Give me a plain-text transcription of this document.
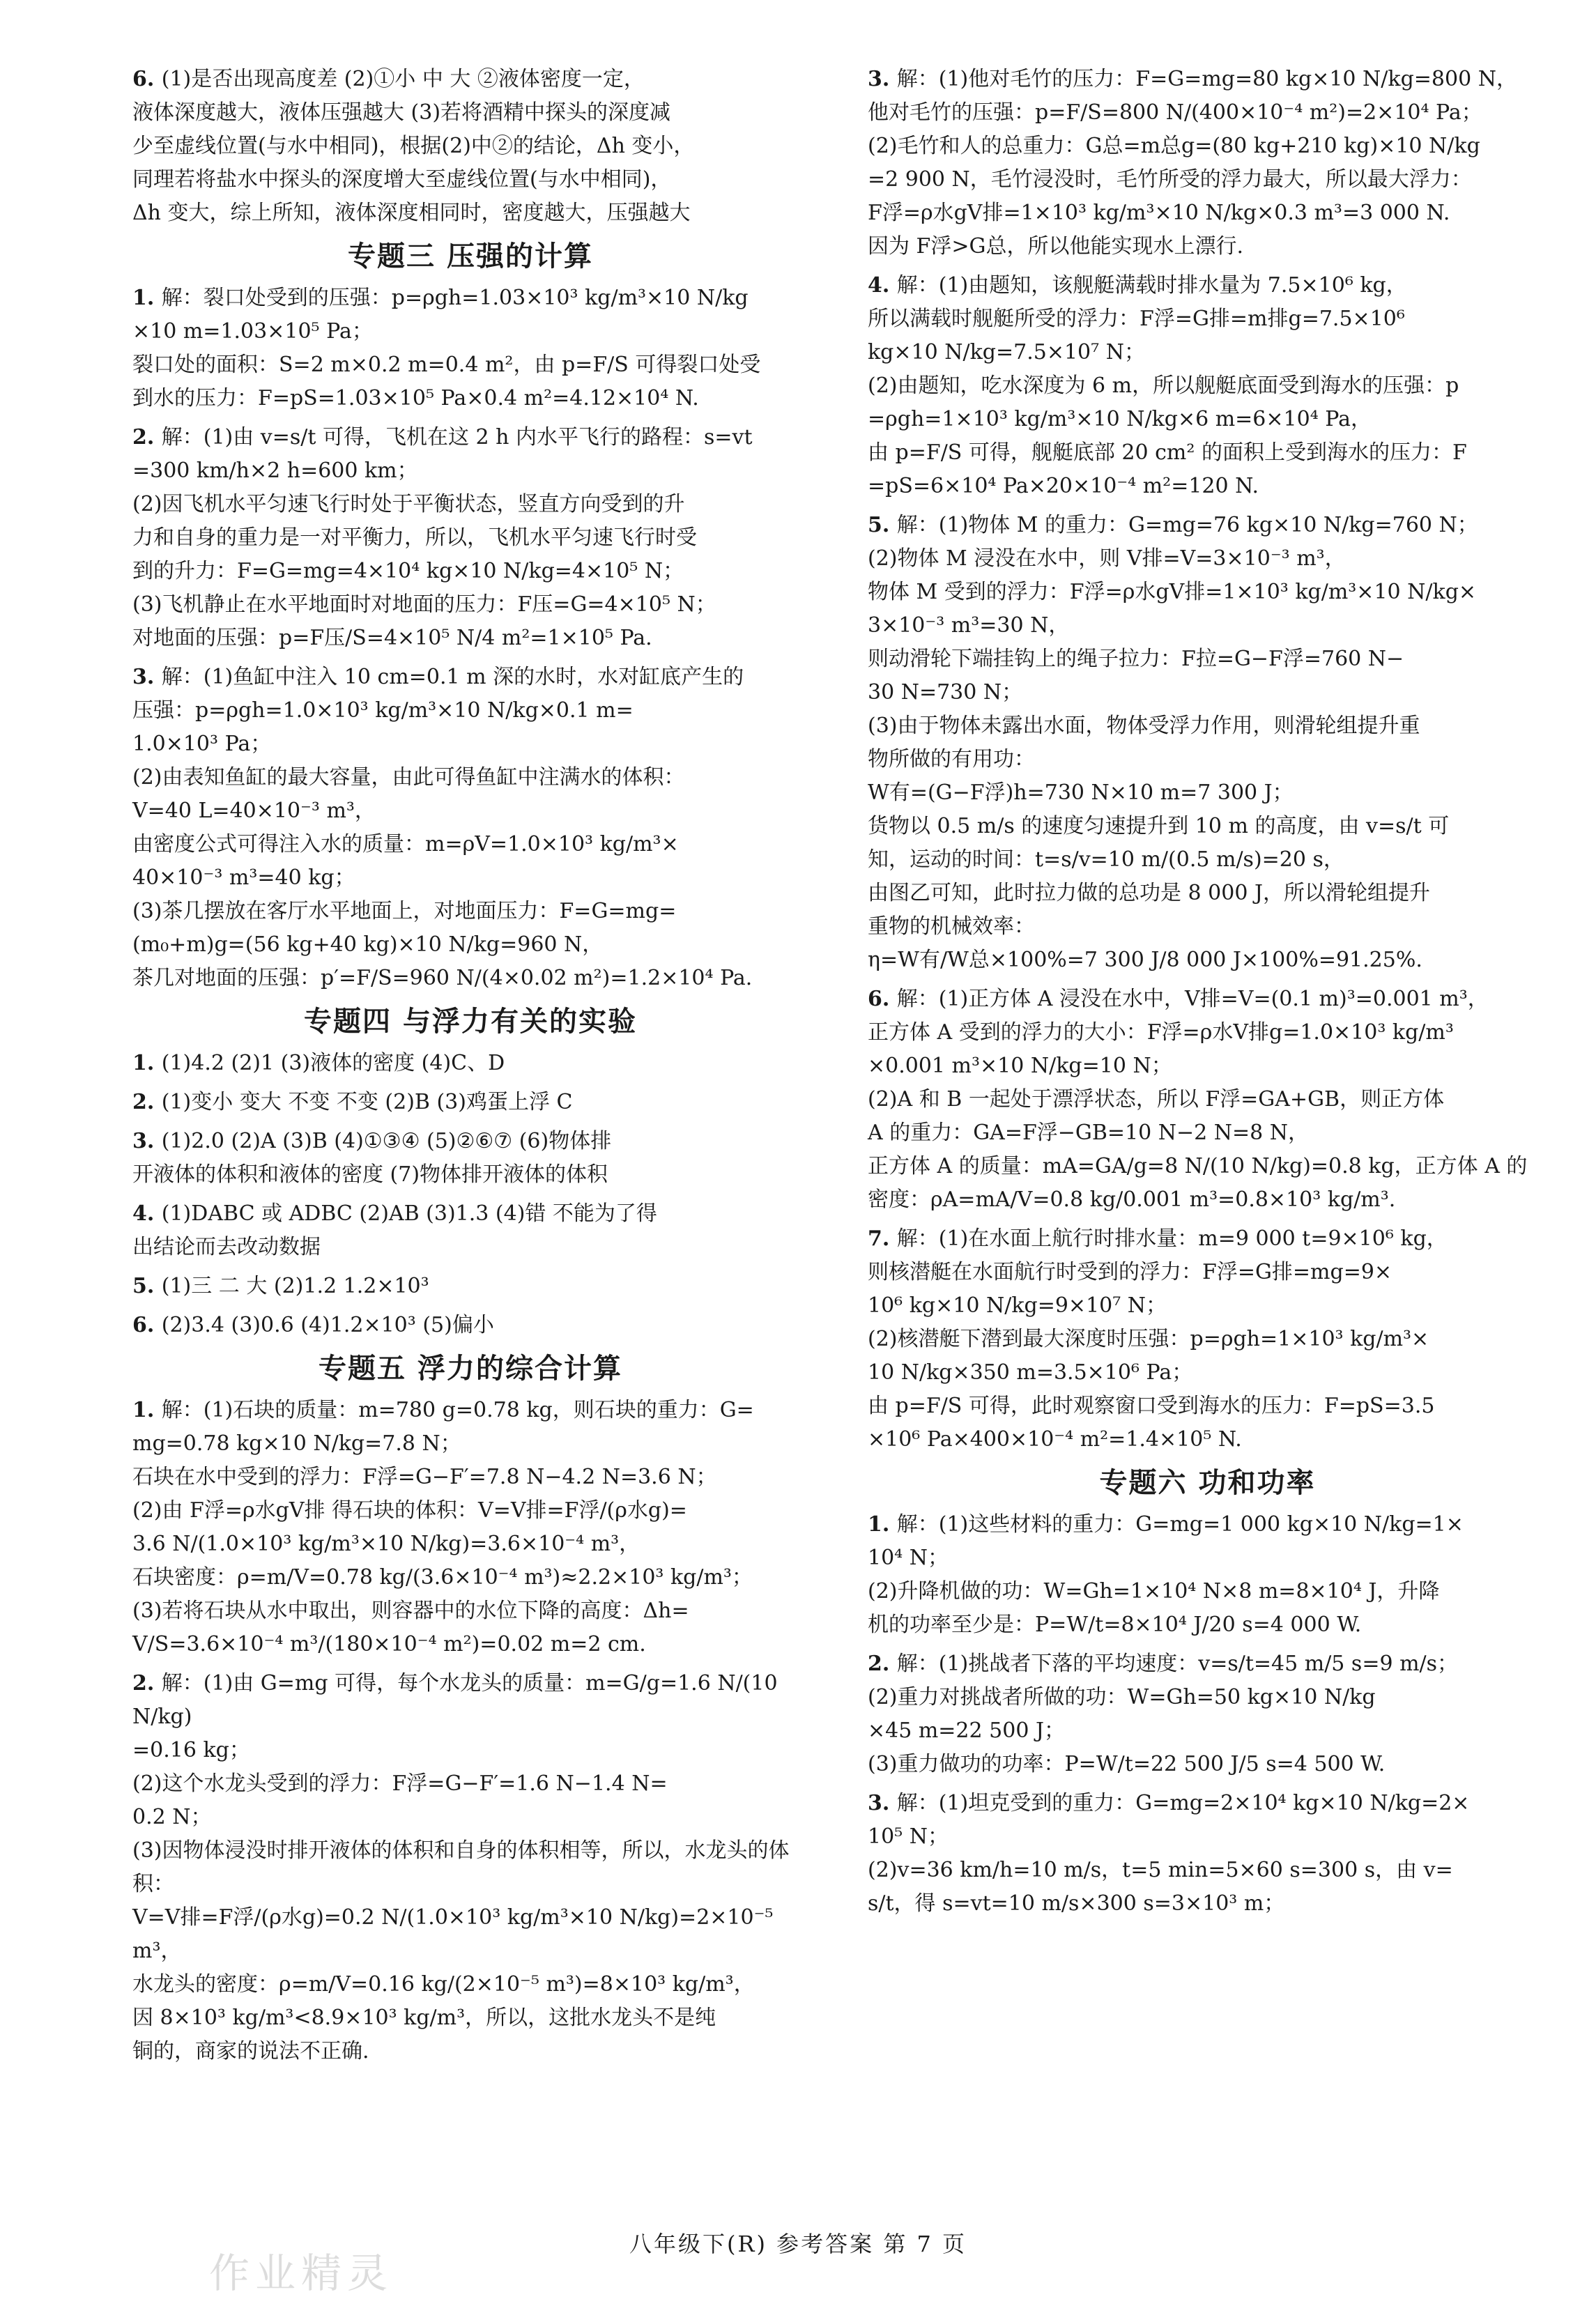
6. (1)是否出现高度差 (2)①小 中 大 ②液体密度一定，

液体深度越大，液体压强越大 (3)若将酒精中探头的深度减

少至虚线位置(与水中相同)，根据(2)中②的结论，Δh 变小，

同理若将盐水中探头的深度增大至虚线位置(与水中相同)，

Δh 变大，综上所知，液体深度相同时，密度越大，压强越大

专题三 压强的计算

1. 解：裂口处受到的压强：p=ρgh=1.03×10³ kg/m³×10 N/kg

×10 m=1.03×10⁵ Pa；

裂口处的面积：S=2 m×0.2 m=0.4 m²，由 p=F/S 可得裂口处受

到水的压力：F=pS=1.03×10⁵ Pa×0.4 m²=4.12×10⁴ N.

2. 解：(1)由 v=s/t 可得，飞机在这 2 h 内水平飞行的路程：s=vt

=300 km/h×2 h=600 km；

(2)因飞机水平匀速飞行时处于平衡状态，竖直方向受到的升

力和自身的重力是一对平衡力，所以，飞机水平匀速飞行时受

到的升力：F=G=mg=4×10⁴ kg×10 N/kg=4×10⁵ N；

(3)飞机静止在水平地面时对地面的压力：F压=G=4×10⁵ N；

对地面的压强：p=F压/S=4×10⁵ N/4 m²=1×10⁵ Pa.

3. 解：(1)鱼缸中注入 10 cm=0.1 m 深的水时，水对缸底产生的

压强：p=ρgh=1.0×10³ kg/m³×10 N/kg×0.1 m=

1.0×10³ Pa；

(2)由表知鱼缸的最大容量，由此可得鱼缸中注满水的体积：

V=40 L=40×10⁻³ m³，

由密度公式可得注入水的质量：m=ρV=1.0×10³ kg/m³×

40×10⁻³ m³=40 kg；

(3)茶几摆放在客厅水平地面上，对地面压力：F=G=mg=

(m₀+m)g=(56 kg+40 kg)×10 N/kg=960 N，

茶几对地面的压强：p′=F/S=960 N/(4×0.02 m²)=1.2×10⁴ Pa.

专题四 与浮力有关的实验

1. (1)4.2 (2)1 (3)液体的密度 (4)C、D

2. (1)变小 变大 不变 不变 (2)B (3)鸡蛋上浮 C

3. (1)2.0 (2)A (3)B (4)①③④ (5)②⑥⑦ (6)物体排

开液体的体积和液体的密度 (7)物体排开液体的体积

4. (1)DABC 或 ADBC (2)AB (3)1.3 (4)错 不能为了得

出结论而去改动数据

5. (1)三 二 大 (2)1.2 1.2×10³

6. (2)3.4 (3)0.6 (4)1.2×10³ (5)偏小

专题五 浮力的综合计算

1. 解：(1)石块的质量：m=780 g=0.78 kg，则石块的重力：G=

mg=0.78 kg×10 N/kg=7.8 N；

石块在水中受到的浮力：F浮=G−F′=7.8 N−4.2 N=3.6 N；

(2)由 F浮=ρ水gV排 得石块的体积：V=V排=F浮/(ρ水g)=

3.6 N/(1.0×10³ kg/m³×10 N/kg)=3.6×10⁻⁴ m³，

石块密度：ρ=m/V=0.78 kg/(3.6×10⁻⁴ m³)≈2.2×10³ kg/m³；

(3)若将石块从水中取出，则容器中的水位下降的高度：Δh=

V/S=3.6×10⁻⁴ m³/(180×10⁻⁴ m²)=0.02 m=2 cm.

2. 解：(1)由 G=mg 可得，每个水龙头的质量：m=G/g=1.6 N/(10 N/kg)

=0.16 kg；

(2)这个水龙头受到的浮力：F浮=G−F′=1.6 N−1.4 N=

0.2 N；

(3)因物体浸没时排开液体的体积和自身的体积相等，所以，水龙头的体积：

V=V排=F浮/(ρ水g)=0.2 N/(1.0×10³ kg/m³×10 N/kg)=2×10⁻⁵ m³，

水龙头的密度：ρ=m/V=0.16 kg/(2×10⁻⁵ m³)=8×10³ kg/m³，

因 8×10³ kg/m³<8.9×10³ kg/m³，所以，这批水龙头不是纯

铜的，商家的说法不正确.

3. 解：(1)他对毛竹的压力：F=G=mg=80 kg×10 N/kg=800 N，

他对毛竹的压强：p=F/S=800 N/(400×10⁻⁴ m²)=2×10⁴ Pa；

(2)毛竹和人的总重力：G总=m总g=(80 kg+210 kg)×10 N/kg

=2 900 N，毛竹浸没时，毛竹所受的浮力最大，所以最大浮力：

F浮=ρ水gV排=1×10³ kg/m³×10 N/kg×0.3 m³=3 000 N.

因为 F浮>G总，所以他能实现水上漂行.

4. 解：(1)由题知，该舰艇满载时排水量为 7.5×10⁶ kg，

所以满载时舰艇所受的浮力：F浮=G排=m排g=7.5×10⁶

kg×10 N/kg=7.5×10⁷ N；

(2)由题知，吃水深度为 6 m，所以舰艇底面受到海水的压强：p

=ρgh=1×10³ kg/m³×10 N/kg×6 m=6×10⁴ Pa，

由 p=F/S 可得，舰艇底部 20 cm² 的面积上受到海水的压力：F

=pS=6×10⁴ Pa×20×10⁻⁴ m²=120 N.

5. 解：(1)物体 M 的重力：G=mg=76 kg×10 N/kg=760 N；

(2)物体 M 浸没在水中，则 V排=V=3×10⁻³ m³，

物体 M 受到的浮力：F浮=ρ水gV排=1×10³ kg/m³×10 N/kg×

3×10⁻³ m³=30 N，

则动滑轮下端挂钩上的绳子拉力：F拉=G−F浮=760 N−

30 N=730 N；

(3)由于物体未露出水面，物体受浮力作用，则滑轮组提升重

物所做的有用功：

W有=(G−F浮)h=730 N×10 m=7 300 J；

货物以 0.5 m/s 的速度匀速提升到 10 m 的高度，由 v=s/t 可

知，运动的时间：t=s/v=10 m/(0.5 m/s)=20 s，

由图乙可知，此时拉力做的总功是 8 000 J，所以滑轮组提升

重物的机械效率：

η=W有/W总×100%=7 300 J/8 000 J×100%=91.25%.

6. 解：(1)正方体 A 浸没在水中，V排=V=(0.1 m)³=0.001 m³，

正方体 A 受到的浮力的大小：F浮=ρ水V排g=1.0×10³ kg/m³

×0.001 m³×10 N/kg=10 N；

(2)A 和 B 一起处于漂浮状态，所以 F浮=GA+GB，则正方体

A 的重力：GA=F浮−GB=10 N−2 N=8 N，

正方体 A 的质量：mA=GA/g=8 N/(10 N/kg)=0.8 kg，正方体 A 的

密度：ρA=mA/V=0.8 kg/0.001 m³=0.8×10³ kg/m³.

7. 解：(1)在水面上航行时排水量：m=9 000 t=9×10⁶ kg，

则核潜艇在水面航行时受到的浮力：F浮=G排=mg=9×

10⁶ kg×10 N/kg=9×10⁷ N；

(2)核潜艇下潜到最大深度时压强：p=ρgh=1×10³ kg/m³×

10 N/kg×350 m=3.5×10⁶ Pa；

由 p=F/S 可得，此时观察窗口受到海水的压力：F=pS=3.5

×10⁶ Pa×400×10⁻⁴ m²=1.4×10⁵ N.

专题六 功和功率

1. 解：(1)这些材料的重力：G=mg=1 000 kg×10 N/kg=1×

10⁴ N；

(2)升降机做的功：W=Gh=1×10⁴ N×8 m=8×10⁴ J，升降

机的功率至少是：P=W/t=8×10⁴ J/20 s=4 000 W.

2. 解：(1)挑战者下落的平均速度：v=s/t=45 m/5 s=9 m/s；

(2)重力对挑战者所做的功：W=Gh=50 kg×10 N/kg

×45 m=22 500 J；

(3)重力做功的功率：P=W/t=22 500 J/5 s=4 500 W.

3. 解：(1)坦克受到的重力：G=mg=2×10⁴ kg×10 N/kg=2×

10⁵ N；

(2)v=36 km/h=10 m/s，t=5 min=5×60 s=300 s，由 v=

s/t，得 s=vt=10 m/s×300 s=3×10³ m；

八年级下(R) 参考答案 第 7 页
作业精灵
